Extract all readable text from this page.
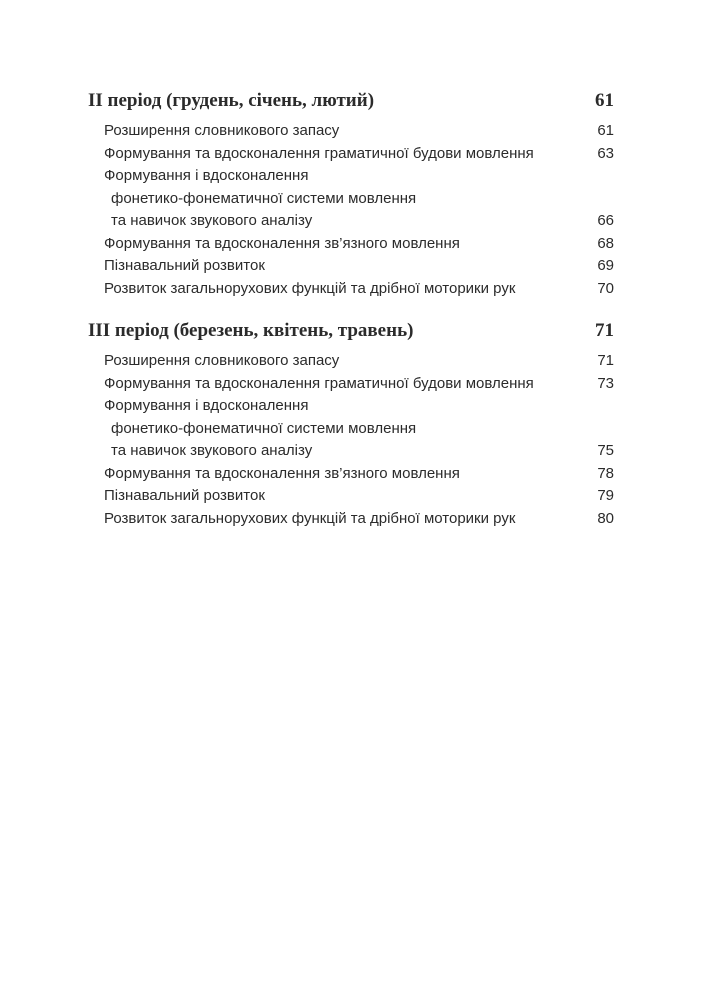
II період (грудень, січень, лютий)	61
Розширення словникового запасу	61
Формування та вдосконалення граматичної будови мовлення	63
Формування і вдосконалення
фонетико-фонематичної системи мовлення
та навичок звукового аналізу	66
Формування та вдосконалення зв’язного мовлення	68
Пізнавальний розвиток	69
Розвиток загальнорухових функцій та дрібної моторики рук	70
III період (березень, квітень, травень)	71
Розширення словникового запасу	71
Формування та вдосконалення граматичної будови мовлення	73
Формування і вдосконалення
фонетико-фонематичної системи мовлення
та навичок звукового аналізу	75
Формування та вдосконалення зв’язного мовлення	78
Пізнавальний розвиток	79
Розвиток загальнорухових функцій та дрібної моторики рук	80
